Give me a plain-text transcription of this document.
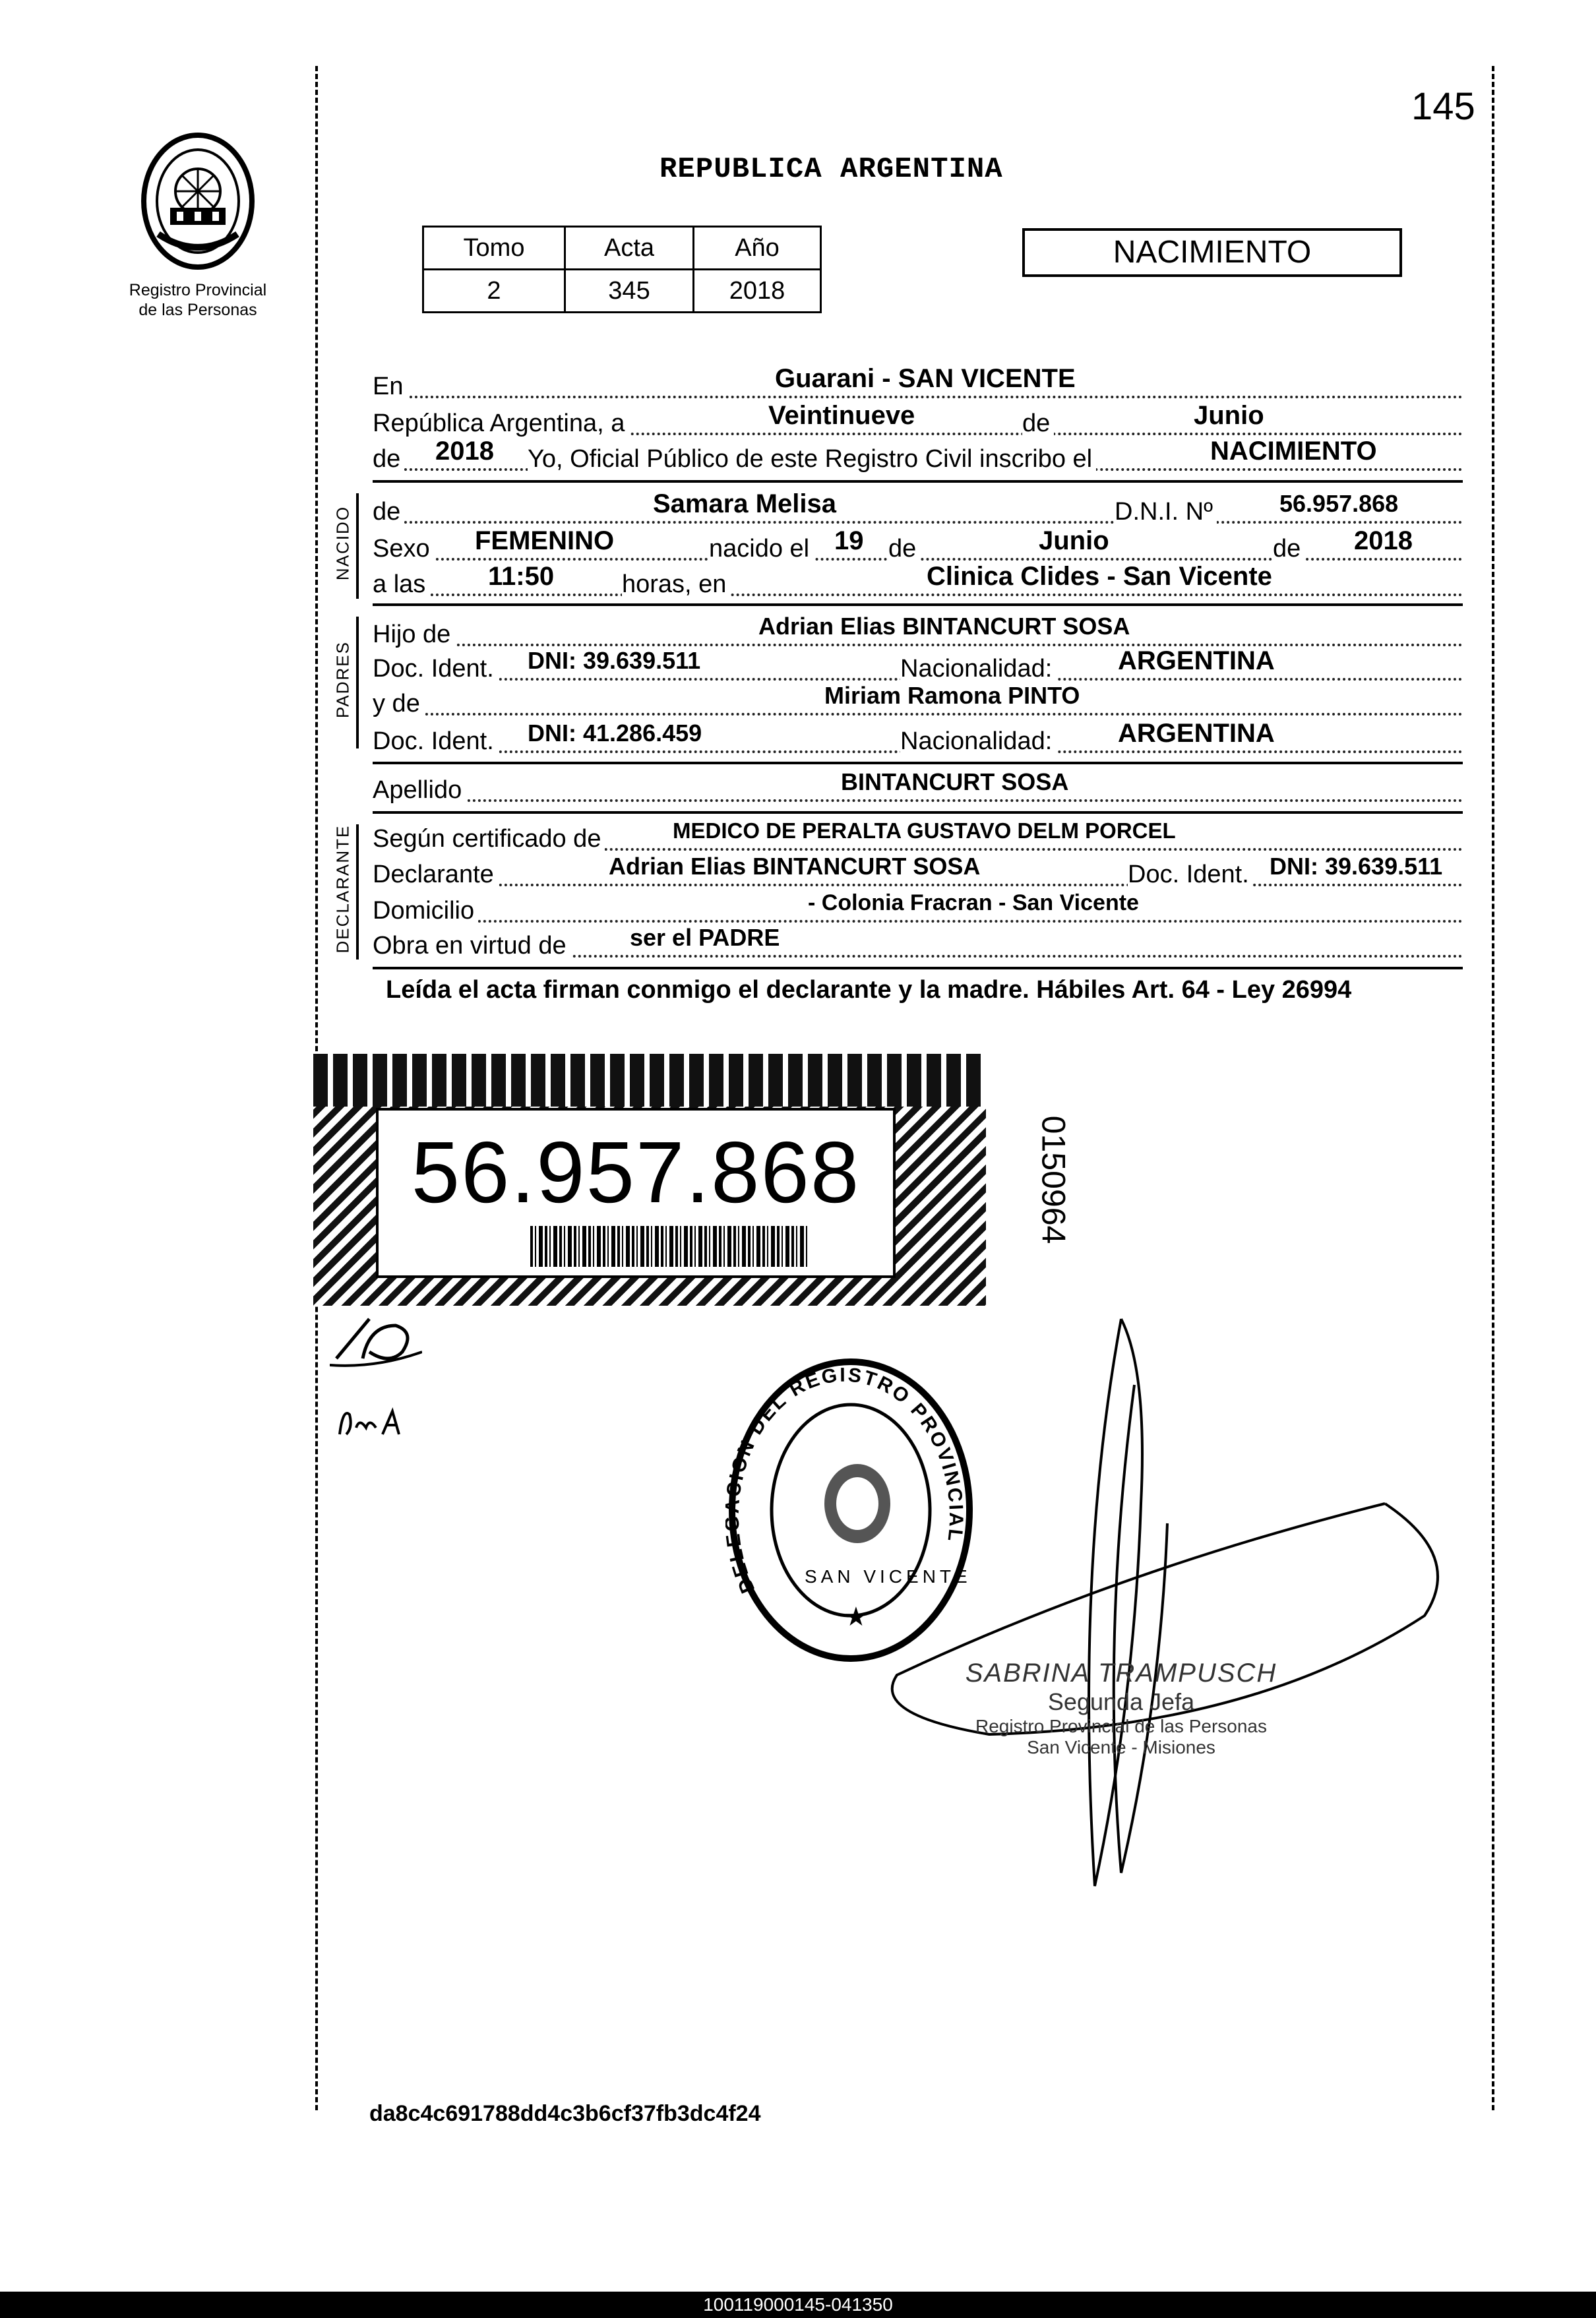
145
Registro Provincial
de las Personas
REPUBLICA ARGENTINA
Tomo	Acta	Año
2	345	2018
NACIMIENTO
En	Guarani - SAN VICENTE
República Argentina, a	Veintinueve	de	Junio
de 2018 Yo, Oficial Público de este Registro Civil inscribo el	NACIMIENTO
NACIDO de	Samara Melisa	D.N.I. Nº	56.957.868
Sexo FEMENINO	nacido el 19 de	Junio	de 2018
a las 11:50	horas, en	Clinica Clides - San Vicente
PADRES
Hijo de	Adrian Elias BINTANCURT SOSA
Doc. Ident. DNI: 39.639.511	Nacionalidad: ARGENTINA
y de	Miriam Ramona PINTO
Doc. Ident. DNI: 41.286.459	Nacionalidad: ARGENTINA
Apellido	BINTANCURT SOSA
DECLARANTE Según certificado de	MEDICO DE PERALTA GUSTAVO DELM PORCEL
Declarante	Adrian Elias BINTANCURT SOSA	Doc. Ident. DNI: 39.639.511
Domicilio	- Colonia Fracran - San Vicente
Obra en virtud de	ser el PADRE
Leída el acta firman conmigo el declarante y la madre. Hábiles Art. 64 - Ley 26994
56.957.868	0150964
DEL ION DEL REGISTRO PROVINCIAL
SAN VICENTE
★
SABRINA TRAMPUSCH
Segunda Jefa
Registro Provincial de las Personas
San Vicente - Misiones
da8c4c691788dd4c3b6cf37fb3dc4f24
100119000145-041350
